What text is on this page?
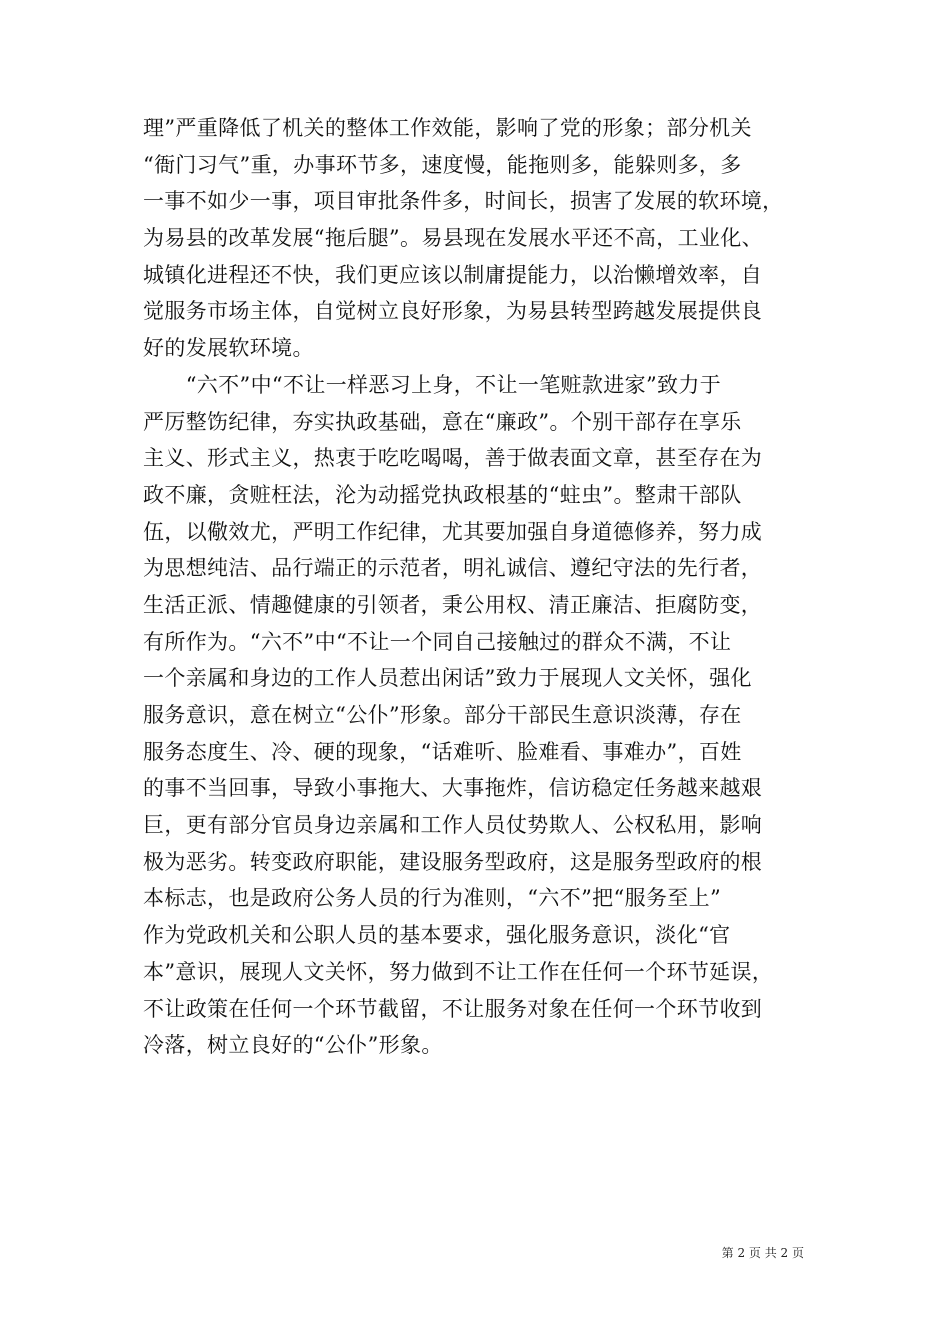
理”严重降低了机关的整体工作效能，影响了党的形象；部分机关
“衙门习气”重，办事环节多，速度慢，能拖则多，能躲则多，多
一事不如少一事，项目审批条件多，时间长，损害了发展的软环境，
为易县的改革发展“拖后腿”。易县现在发展水平还不高，工业化、
城镇化进程还不快，我们更应该以制庸提能力，以治懒增效率，自
觉服务市场主体，自觉树立良好形象，为易县转型跨越发展提供良
好的发展软环境。
　　“六不”中“不让一样恶习上身，不让一笔赃款进家”致力于
严厉整饬纪律，夯实执政基础，意在“廉政”。个别干部存在享乐
主义、形式主义，热衷于吃吃喝喝，善于做表面文章，甚至存在为
政不廉，贪赃枉法，沦为动摇党执政根基的“蛀虫”。整肃干部队
伍，以儆效尤，严明工作纪律，尤其要加强自身道德修养，努力成
为思想纯洁、品行端正的示范者，明礼诚信、遵纪守法的先行者，
生活正派、情趣健康的引领者，秉公用权、清正廉洁、拒腐防变，
有所作为。“六不”中“不让一个同自己接触过的群众不满，不让
一个亲属和身边的工作人员惹出闲话”致力于展现人文关怀，强化
服务意识，意在树立“公仆”形象。部分干部民生意识淡薄，存在
服务态度生、冷、硬的现象，“话难听、脸难看、事难办”，百姓
的事不当回事，导致小事拖大、大事拖炸，信访稳定任务越来越艰
巨，更有部分官员身边亲属和工作人员仗势欺人、公权私用，影响
极为恶劣。转变政府职能，建设服务型政府，这是服务型政府的根
本标志，也是政府公务人员的行为准则，“六不”把“服务至上”
作为党政机关和公职人员的基本要求，强化服务意识，淡化“官
本”意识，展现人文关怀，努力做到不让工作在任何一个环节延误，
不让政策在任何一个环节截留，不让服务对象在任何一个环节收到
冷落，树立良好的“公仆”形象。
第 2 页 共 2 页
